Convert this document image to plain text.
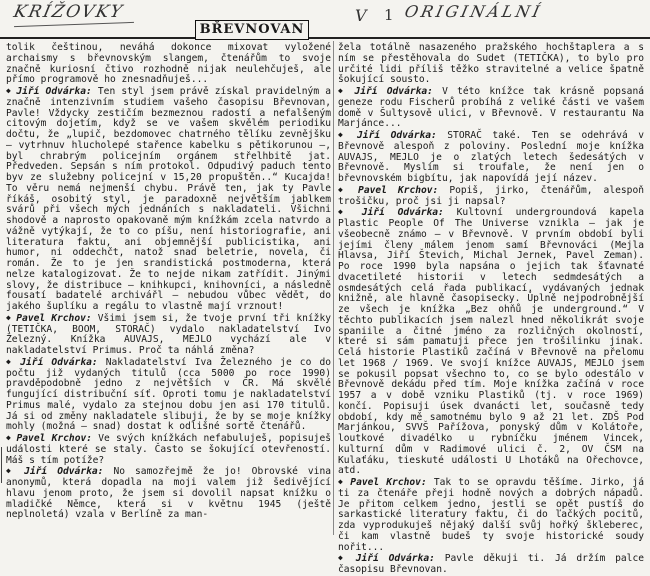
KRÍŽOVKY	V 1 ORIGINÁLNÍ
BŘEVNOVAN

tolik češtinou, neváhá dokonce mixovat vyložené archaismy s břevnovským slangem, čtenářům to svoje značně kuriosní čtivo rozhodně nijak neulehčuješ, ale přímo programově ho znesnadňuješ...

◆ Jiří Odvárka: Ten styl jsem právě získal pravidelným a značně intenzivním studiem vašeho časopisu Břevnovan, Pavle! Vždycky zestičím bezmeznou radostí a nefalšeným citovým dojetím, když se ve vašem skvělém periodiku dočtu, že „lupič, bezdomovec chatrného tělíku zevnějšku – vytrhnuv hlucholepé stařence kabelku s pětikorunou –, byl chrabrým policejním orgánem střelhbitě jat. Předveden. Sepsán s ním protokol. Odpudivý paduch tento byv ze služebny policejní v 15,20 propuštěn..“ Kucajda! To věru nemá nejmenší chybu. Právě ten, jak ty Pavle říkáš, osobitý styl, je paradoxně největším jablkem svárů při všech mých jednáních s nakladateli. Všichni shodově a naprosto opakovaně mým knížkám zcela natvrdo a vážně vytýkají, že to co píšu, není historiografie, ani literatura faktu, ani objemnější publicistika, ani humor, ni oddechčt, natož snad beletrie, novela, či román. Že to je jen srandistická postmoderna, která nelze katalogizovat. Že to nejde nikam zatřídit. Jinými slovy, že distribuce – knihkupci, knihovníci, a následně fousatí badatelé archivářl – nebudou vůbec vědět, do jakého šuplíku a regálu to vlastně mají vrznout!

◆ Pavel Krchov: Všimi jsem si, že tvoje první tři knížky (TETIČKA, BOOM, STORAČ) vydalo nakladatelství Ivo Železný. Knížka AUVAJS, MEJLO vychází ale v nakladatelství Primus. Proč ta náhlá změna?

◆ Jiří Odvárka: Nakladatelství Iva Železného je co do počtu již vydaných titulů (cca 5000 po roce 1990) pravděpodobně jedno z největších v ČR. Má skvělé fungující distribuční síť. Oproti tomu je nakladatelství Primus malé, vydalo za stejnou dobu jen asi 170 titulů. Já si od změny nakladatele slibuji, že by se moje knížky mohly (možná – snad) dostat k odlišné sortě čtenářů.

◆ Pavel Krchov: Ve svých knížkách nefabuluješ, popisuješ události které se staly. Často se šokující otevřeností. Máš s tím potíže?

◆ Jiří Odvárka: No samozřejmě že jo! Obrovské vina anonymů, která dopadla na moji valem již šedivějící hlavu jenom proto, že jsem si dovolil napsat knížku o mladičké Němce, která si v květnu 1945 (ještě neplnoletá) vzala v Berlíně za man-

žela totálně nasazeného pražského hochštaplera a s ním se přestěhovala do Sudet (TETIČKA), to bylo pro určité lidi příliš těžko stravitelné a velice špatně šokující sousto.

◆ Jiří Odvárka: V této knížce tak krásně popsaná geneze rodu Fischerů probíhá z veliké části ve vašem domě v Šultysově ulici, v Břevnově. V restaurantu Na Marjánce...

◆ Jiří Odvárka: STORAČ také. Ten se odehrává v Břevnově alespoň z poloviny. Poslední moje knížka AUVAJS, MEJLO je o zlatých letech šedesátých v Břevnově. Myslím si troufale, že není jen o břevnovském bigbítu, jak napovídá její název.

◆ Pavel Krchov: Popiš, jirko, čtenářům, alespoň trošičku, proč jsi ji napsal?

◆ Jiří Odvárka: Kultovní undergroundová kapela Plastic People Of The Universe vznikla – jak je všeobecně známo – v Břevnově. V prvním období byli jejími členy málem jenom samí Břevnováci (Mejla Hlavsa, Jiří Števich, Michal Jernek, Pavel Zeman). Po roce 1990 byla napsána o jejich tak šťavnaté dvacetileté historii v letech sedmdesátých a osmdesátých celá řada publikací, vydávaných jednak knižně, ale hlavně časopisecky. Úplně nejpodrobnější ze všech je knížka „Bez ohňů je underground.“ V těchto publikacích jsem nalezl hned několikrát svoje spaniile a čitné jméno za rozličných okolností, které si sám pamatuji přece jen trošilinku jinak. Celá historie Plastiků začíná v Břevnově na přelomu let 1968 / 1969. Ve svojí knížce AUVAJS, MEJLO jsem se pokusil popsat všechno to, co se bylo odestálo v Břevnově dekádu před tím. Moje knížka začíná v roce 1957 a v době vzniku Plastiků (tj. v roce 1969) končí. Popisuji úsek dvanácti let, současně tedy období, kdy mě samotnému bylo 9 až 21 let. ZDŠ Pod Marjánkou, SVVŠ Pařížova, ponyský dům v Kolátoře, loutkové divadélko u rybníčku jménem Vincek, kulturní dům v Radimové ulici č. 2, OV ČSM na Kulaťáku, tieskuté události U Lhotáků na Ořechovce, atd.

◆ Pavel Krchov: Tak to se opravdu těšíme. Jirko, já ti za čtenáře přeji hodně nových a dobrých nápadů. Je přitom celkem jedno, jestli se opět pustíš do sarkastické literatury faktu, či do ľačkých pocitů, zda vyprodukuješ nějaký další svůj hořký škleberec, či kam vlastně budeš ty svoje historické soudy nořit...

◆ Jiří Odvárka: Pavle děkuji ti. Já držím palce časopisu Břevnovan.
